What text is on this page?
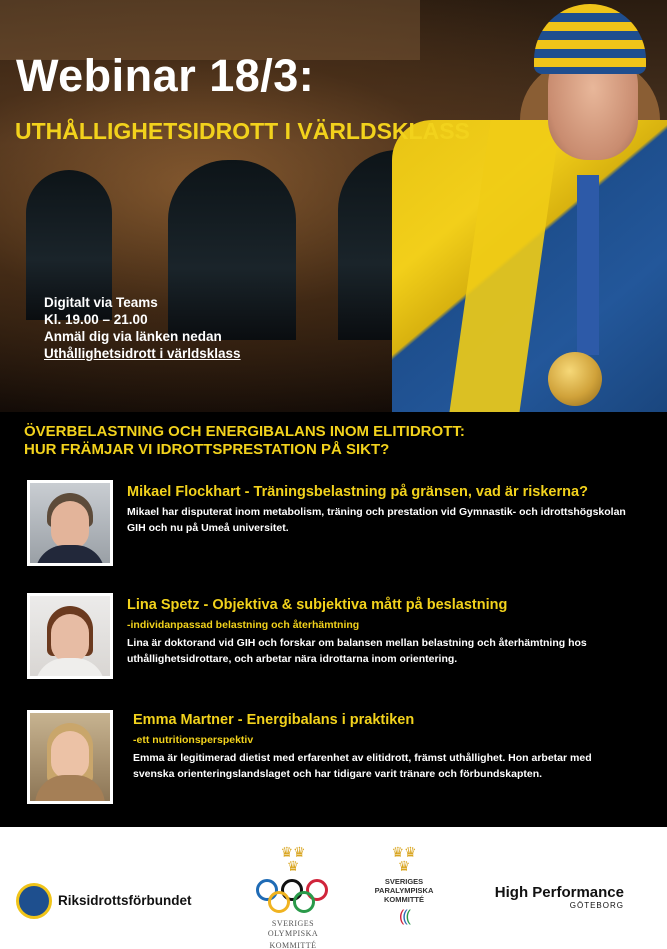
Webinar 18/3:
UTHÅLLIGHETSIDROTT I VÄRLDSKLASS
Digitalt via Teams
Kl. 19.00 – 21.00
Anmäl dig via länken nedan
Uthållighetsidrott i världsklass
ÖVERBELASTNING OCH ENERGIBALANS INOM ELITIDROTT:
HUR FRÄMJAR VI IDROTTSPRESTATION PÅ SIKT?
Mikael Flockhart - Träningsbelastning på gränsen, vad är riskerna?
Mikael har disputerat inom metabolism, träning och prestation vid Gymnastik- och idrottshögskolan GIH och nu på Umeå universitet.
Lina Spetz - Objektiva & subjektiva mått på beslastning
-individanpassad belastning och återhämtning
Lina är doktorand vid GIH och forskar om balansen mellan belastning och återhämtning hos uthållighetsidrottare, och arbetar nära idrottarna inom orientering.
Emma Martner - Energibalans i praktiken
-ett nutritionsperspektiv
Emma är legitimerad dietist med erfarenhet av elitidrott, främst uthållighet. Hon arbetar med svenska orienteringslandslaget och har tidigare varit tränare och förbundskapten.
Riksidrottsförbundet
♛♛
♛
SVERIGES OLYMPISKA
KOMMITTÉ
♛♛
♛
SVERIGES
PARALYMPISKA
KOMMITTÉ
(((
High Performance
GÖTEBORG
